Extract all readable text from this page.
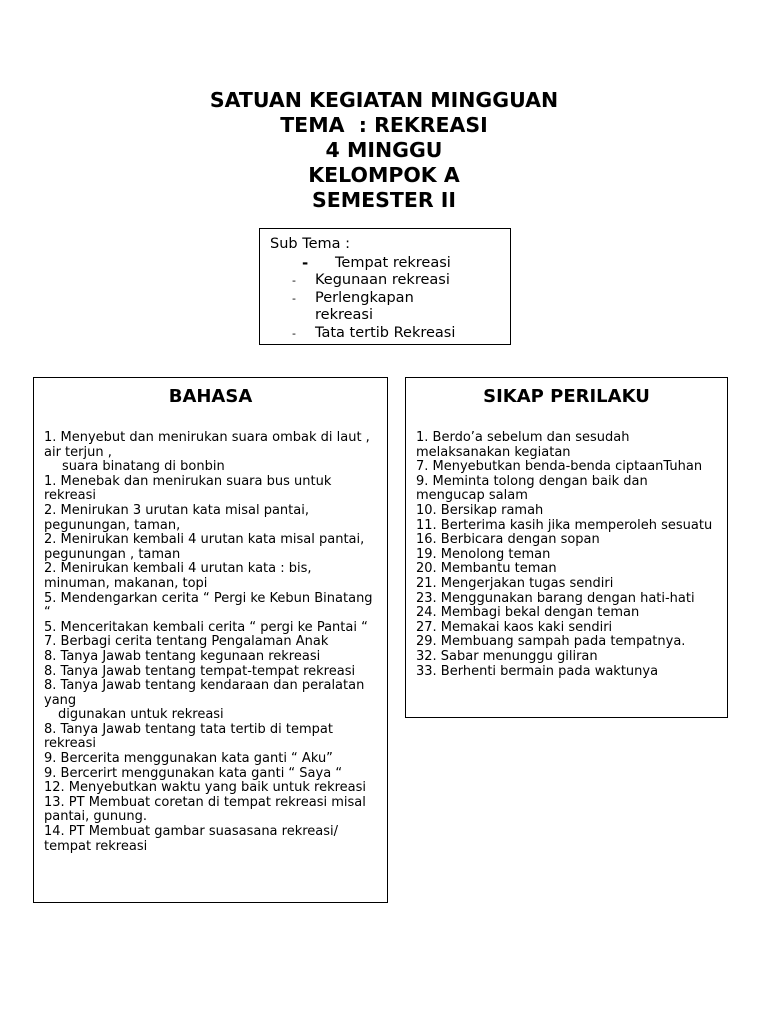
SATUAN KEGIATAN MINGGUAN
TEMA  : REKREASI
4 MINGGU
KELOMPOK A
SEMESTER II
Sub Tema :
- Tempat rekreasi
- Kegunaan rekreasi
- Perlengkapan rekreasi
- Tata tertib Rekreasi
BAHASA
1. Menyebut dan menirukan suara ombak di laut , air terjun ,
suara binatang di bonbin
1. Menebak dan menirukan suara bus untuk rekreasi
2. Menirukan 3 urutan kata misal pantai, pegunungan, taman,
2. Menirukan kembali 4 urutan kata misal pantai, pegunungan , taman
2. Menirukan kembali 4 urutan kata : bis, minuman, makanan, topi
5. Mendengarkan cerita “ Pergi ke Kebun Binatang “
5. Menceritakan kembali cerita “ pergi ke Pantai “
7. Berbagi cerita tentang Pengalaman Anak
8. Tanya Jawab tentang kegunaan rekreasi
8. Tanya Jawab tentang tempat-tempat rekreasi
8. Tanya Jawab tentang kendaraan dan peralatan yang
digunakan untuk rekreasi
8. Tanya Jawab tentang tata tertib di tempat rekreasi
9. Bercerita menggunakan kata ganti “ Aku”
9. Bercerirt menggunakan kata ganti “ Saya “
12. Menyebutkan waktu yang baik untuk rekreasi
13. PT Membuat coretan di tempat rekreasi misal pantai, gunung.
14. PT Membuat gambar suasasana rekreasi/ tempat rekreasi
SIKAP PERILAKU
1. Berdo’a sebelum dan sesudah melaksanakan kegiatan
7. Menyebutkan benda-benda ciptaanTuhan
9. Meminta tolong dengan baik dan mengucap salam
10. Bersikap ramah
11. Berterima kasih jika memperoleh sesuatu
16. Berbicara dengan sopan
19. Menolong teman
20. Membantu teman
21. Mengerjakan tugas sendiri
23. Menggunakan barang dengan hati-hati
24. Membagi bekal dengan teman
27. Memakai kaos kaki sendiri
29. Membuang sampah pada tempatnya.
32. Sabar menunggu giliran
33. Berhenti bermain pada waktunya
